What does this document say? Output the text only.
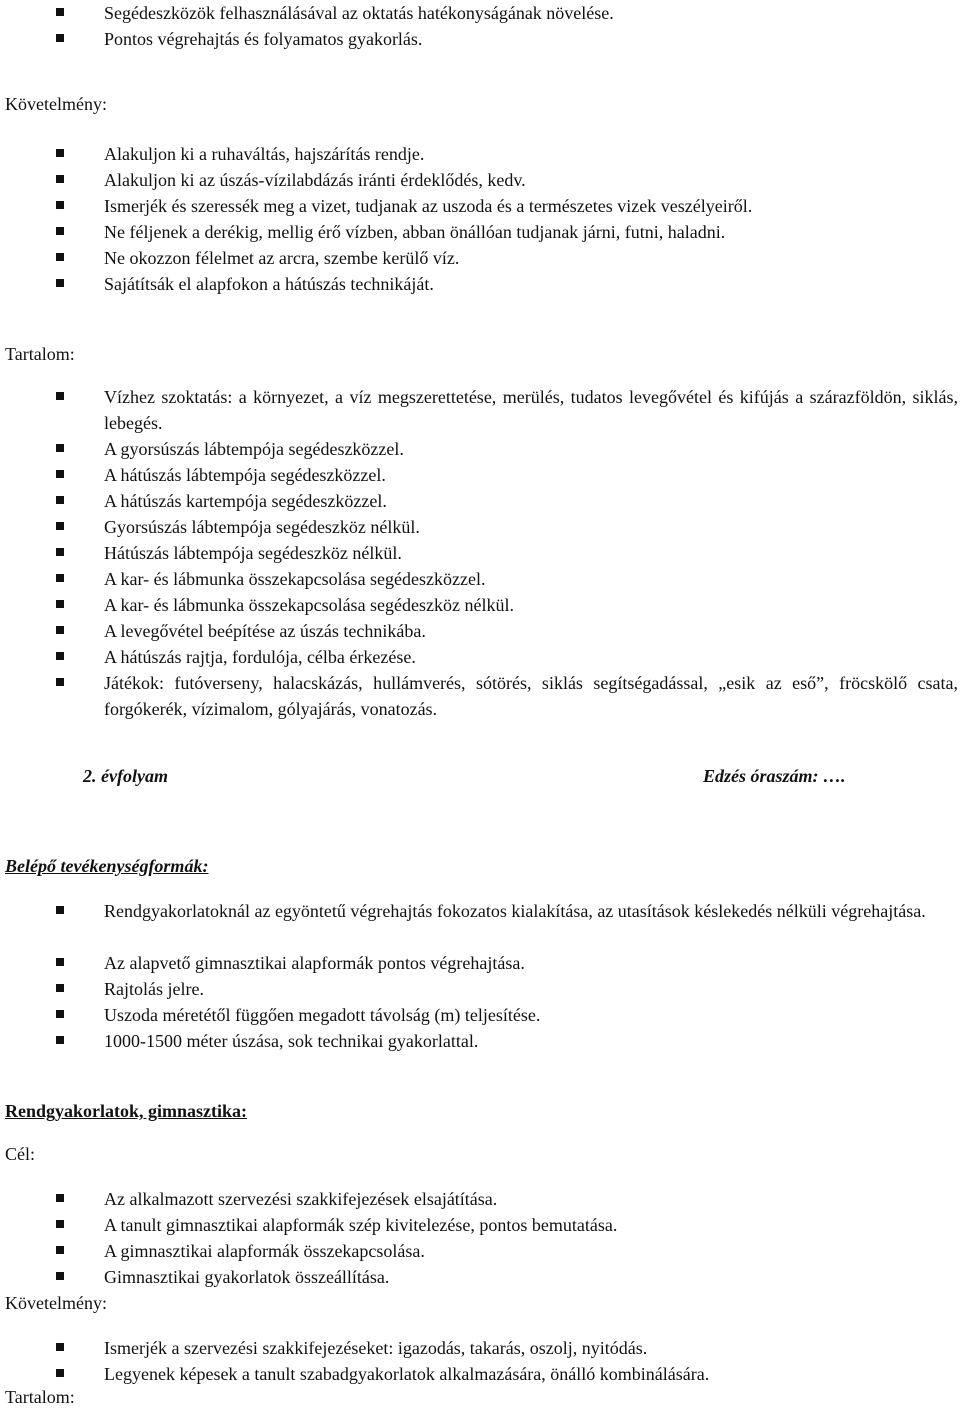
Segédeszközök felhasználásával az oktatás hatékonyságának növelése.
Pontos végrehajtás és folyamatos gyakorlás.
Követelmény:
Alakuljon ki a ruhaváltás, hajszárítás rendje.
Alakuljon ki az úszás-vízilabdázás iránti érdeklődés, kedv.
Ismerjék és szeressék meg a vizet, tudjanak az uszoda és a természetes vizek veszélyeiről.
Ne féljenek a derékig, mellig érő vízben, abban önállóan tudjanak járni, futni, haladni.
Ne okozzon félelmet az arcra, szembe kerülő víz.
Sajátítsák el alapfokon a hátúszás technikáját.
Tartalom:
Vízhez szoktatás: a környezet, a víz megszerettetése, merülés, tudatos levegővétel és kifújás a szárazföldön, siklás, lebegés.
A gyorsúszás lábtempója segédeszközzel.
A hátúszás lábtempója segédeszközzel.
A hátúszás kartempója segédeszközzel.
Gyorsúszás lábtempója segédeszköz nélkül.
Hátúszás lábtempója segédeszköz nélkül.
A kar- és lábmunka összekapcsolása segédeszközzel.
A kar- és lábmunka összekapcsolása segédeszköz nélkül.
A levegővétel beépítése az úszás technikába.
A hátúszás rajtja, fordulója, célba érkezése.
Játékok: futóverseny, halacskázás, hullámverés, sótörés, siklás segítségadással, „esik az eső”, fröcskölő csata, forgókerék, vízimalom, gólyajárás, vonatozás.
2. évfolyam	Edzés óraszám: ….
Belépő tevékenységformák:
Rendgyakorlatoknál az egyöntetű végrehajtás fokozatos kialakítása, az utasítások késlekedés nélküli végrehajtása.
Az alapvető gimnasztikai alapformák pontos végrehajtása.
Rajtolás jelre.
Uszoda méretétől függően megadott távolság (m) teljesítése.
1000-1500 méter úszása, sok technikai gyakorlattal.
Rendgyakorlatok, gimnasztika:
Cél:
Az alkalmazott szervezési szakkifejezések elsajátítása.
A tanult gimnasztikai alapformák szép kivitelezése, pontos bemutatása.
A gimnasztikai alapformák összekapcsolása.
Gimnasztikai gyakorlatok összeállítása.
Követelmény:
Ismerjék a szervezési szakkifejezéseket: igazodás, takarás, oszolj, nyitódás.
Legyenek képesek a tanult szabadgyakorlatok alkalmazására, önálló kombinálására.
Tartalom:
